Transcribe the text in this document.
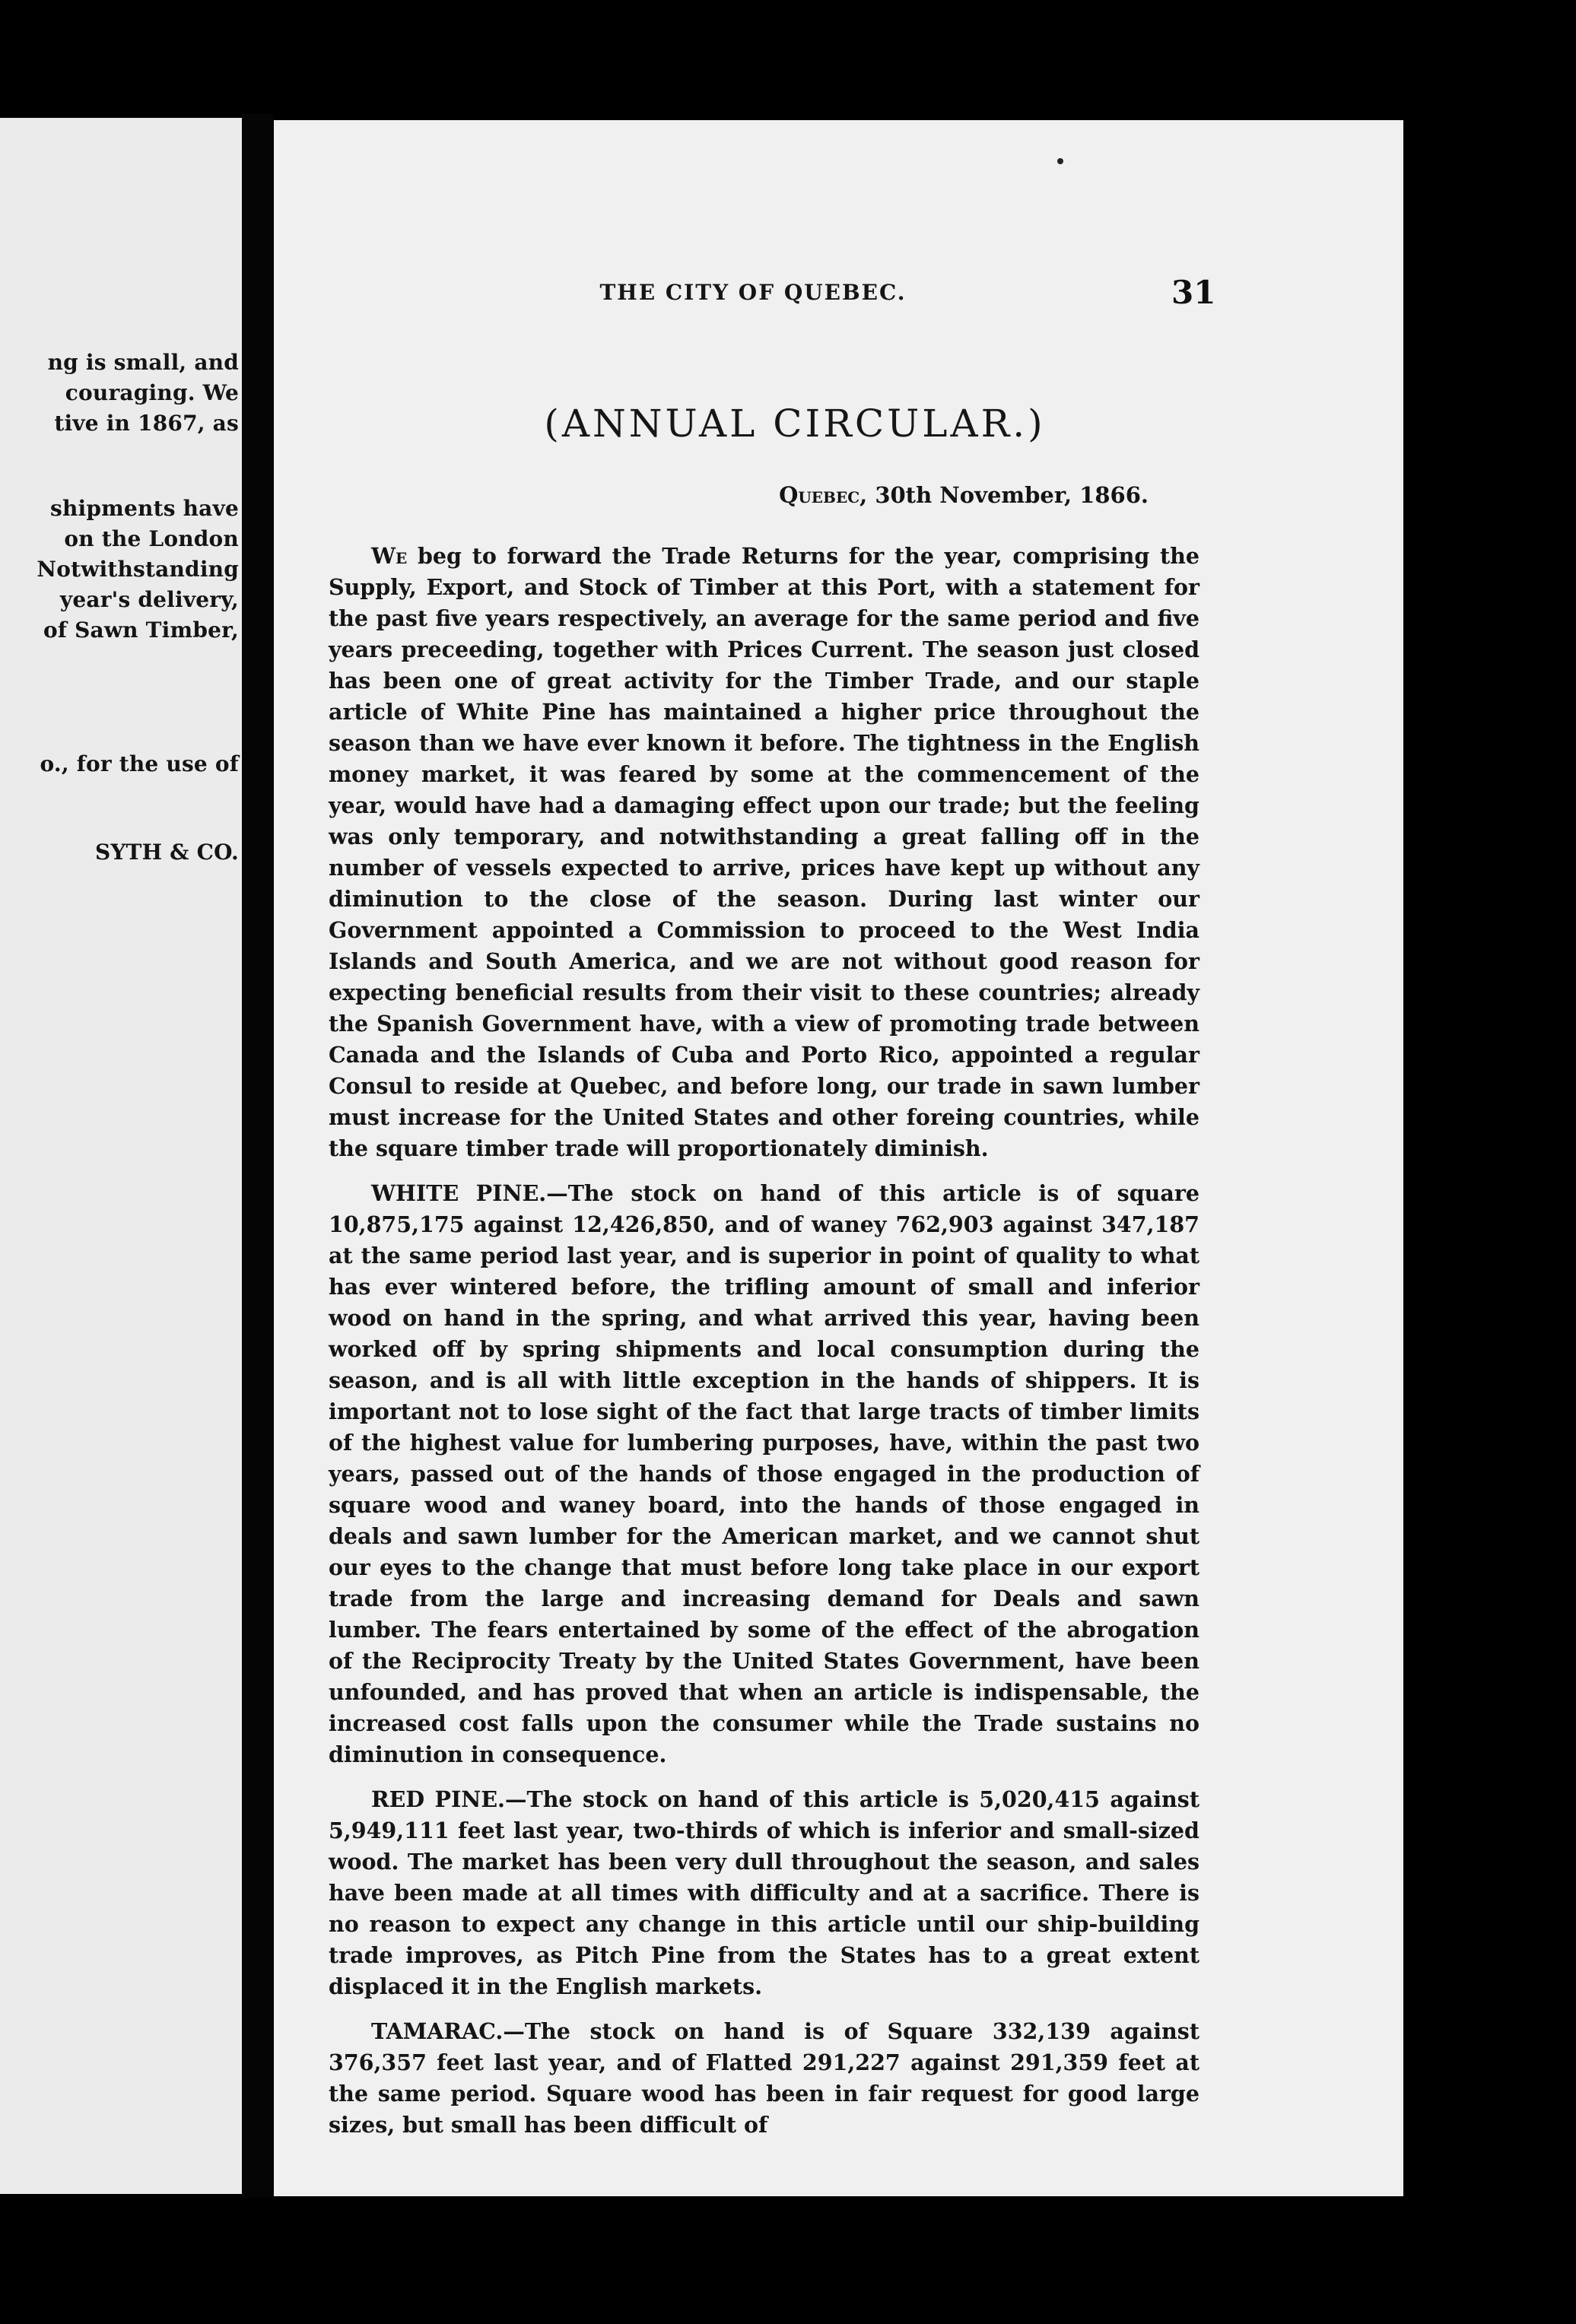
ng is small, and
couraging. We
tive in 1867, as
shipments have
on the London
Notwithstanding
year's delivery,
of Sawn Timber,
o., for the use of
SYTH & CO.
THE CITY OF QUEBEC.	31
(ANNUAL CIRCULAR.)
Quebec, 30th November, 1866.

We beg to forward the Trade Returns for the year, comprising the Supply, Export, and Stock of Timber at this Port, with a statement for the past five years respectively, an average for the same period and five years preceeding, together with Prices Current. The season just closed has been one of great activity for the Timber Trade, and our staple article of White Pine has maintained a higher price throughout the season than we have ever known it before. The tightness in the English money market, it was feared by some at the commencement of the year, would have had a damaging effect upon our trade; but the feeling was only temporary, and notwithstanding a great falling off in the number of vessels expected to arrive, prices have kept up without any diminution to the close of the season. During last winter our Government appointed a Commission to proceed to the West India Islands and South America, and we are not without good reason for expecting beneficial results from their visit to these countries; already the Spanish Government have, with a view of promoting trade between Canada and the Islands of Cuba and Porto Rico, appointed a regular Consul to reside at Quebec, and before long, our trade in sawn lumber must increase for the United States and other foreing countries, while the square timber trade will proportionately diminish.

WHITE PINE.—The stock on hand of this article is of square 10,875,175 against 12,426,850, and of waney 762,903 against 347,187 at the same period last year, and is superior in point of quality to what has ever wintered before, the trifling amount of small and inferior wood on hand in the spring, and what arrived this year, having been worked off by spring shipments and local consumption during the season, and is all with little exception in the hands of shippers. It is important not to lose sight of the fact that large tracts of timber limits of the highest value for lumbering purposes, have, within the past two years, passed out of the hands of those engaged in the production of square wood and waney board, into the hands of those engaged in deals and sawn lumber for the American market, and we cannot shut our eyes to the change that must before long take place in our export trade from the large and increasing demand for Deals and sawn lumber. The fears entertained by some of the effect of the abrogation of the Reciprocity Treaty by the United States Government, have been unfounded, and has proved that when an article is indispensable, the increased cost falls upon the consumer while the Trade sustains no diminution in consequence.

RED PINE.—The stock on hand of this article is 5,020,415 against 5,949,111 feet last year, two-thirds of which is inferior and small-sized wood. The market has been very dull throughout the season, and sales have been made at all times with difficulty and at a sacrifice. There is no reason to expect any change in this article until our ship-building trade improves, as Pitch Pine from the States has to a great extent displaced it in the English markets.

TAMARAC.—The stock on hand is of Square 332,139 against 376,357 feet last year, and of Flatted 291,227 against 291,359 feet at the same period. Square wood has been in fair request for good large sizes, but small has been difficult of
